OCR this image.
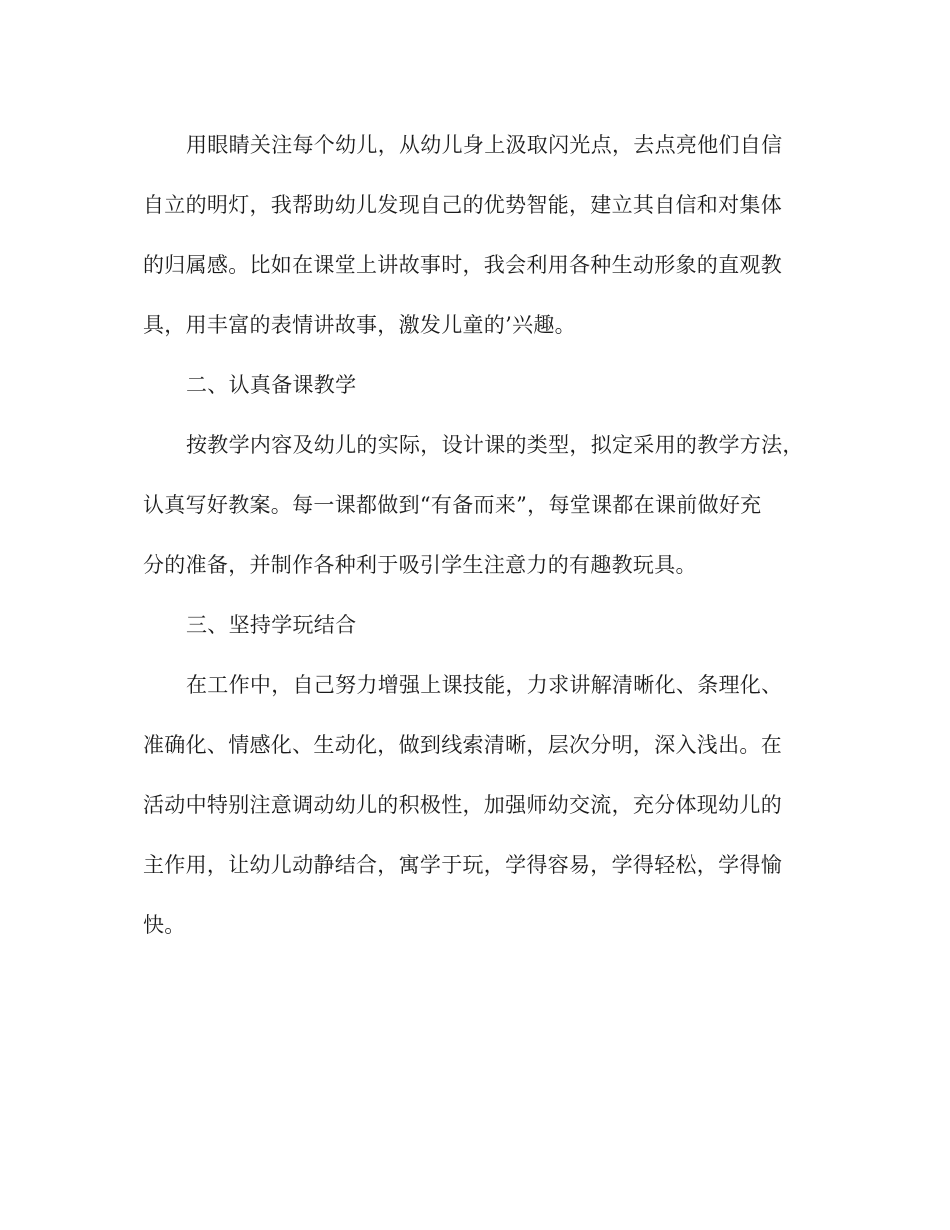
用眼睛关注每个幼儿，从幼儿身上汲取闪光点，去点亮他们自信
自立的明灯，我帮助幼儿发现自己的优势智能，建立其自信和对集体
的归属感。比如在课堂上讲故事时，我会利用各种生动形象的直观教
具，用丰富的表情讲故事，激发儿童的’兴趣。
二、认真备课教学
按教学内容及幼儿的实际，设计课的类型，拟定采用的教学方法，
认真写好教案。每一课都做到“有备而来”，每堂课都在课前做好充
分的准备，并制作各种利于吸引学生注意力的有趣教玩具。
三、坚持学玩结合
在工作中，自己努力增强上课技能，力求讲解清晰化、条理化、
准确化、情感化、生动化，做到线索清晰，层次分明，深入浅出。在
活动中特别注意调动幼儿的积极性，加强师幼交流，充分体现幼儿的
主作用，让幼儿动静结合，寓学于玩，学得容易，学得轻松，学得愉
快。
